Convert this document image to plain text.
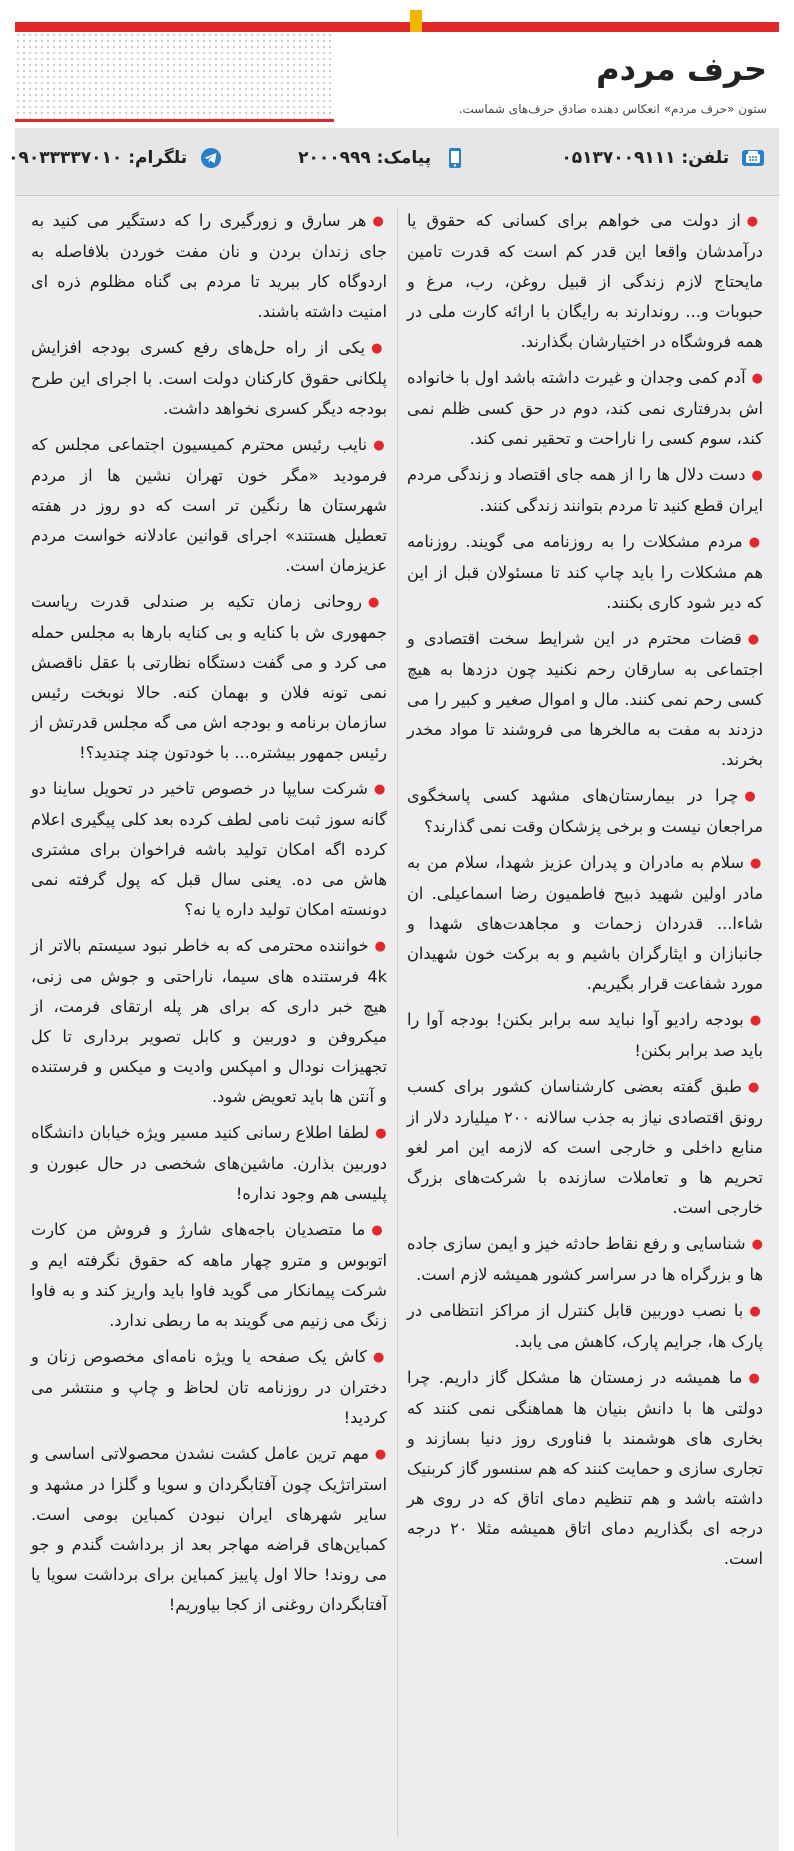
حرف مردم
ستون «حرف مردم» انعکاس دهنده صادق حرف‌های شماست.
تلفن: ۰۵۱۳۷۰۰۹۱۱۱
پیامک: ۲۰۰۰۹۹۹
تلگرام: ۰۹۰۳۳۳۳۷۰۱۰

●از دولت می خواهم برای کسانی که حقوق یا درآمدشان واقعا این قدر کم است که قدرت تامین مایحتاج لازم زندگی از قبیل روغن، رب، مرغ و حبوبات و... روندارند به رایگان با ارائه کارت ملی در همه فروشگاه در اختیارشان بگذارند.

●آدم کمی وجدان و غیرت داشته باشد اول با خانواده اش بدرفتاری نمی کند، دوم در حق کسی ظلم نمی کند، سوم کسی را ناراحت و تحقیر نمی کند.

●دست دلال ها را از همه جای اقتصاد و زندگی مردم ایران قطع کنید تا مردم بتوانند زندگی کنند.

●مردم مشکلات را به روزنامه می گویند. روزنامه هم مشکلات را باید چاپ کند تا مسئولان قبل از این که دیر شود کاری بکنند.

●قضات محترم در این شرایط سخت اقتصادی و اجتماعی به سارقان رحم نکنید چون دزدها به هیچ کسی رحم نمی کنند. مال و اموال صغیر و کبیر را می دزدند به مفت به مالخرها می فروشند تا مواد مخدر بخرند.

●چرا در بیمارستان‌های مشهد کسی پاسخگوی مراجعان نیست و برخی پزشکان وقت نمی گذارند؟

●سلام به مادران و پدران عزیز شهدا، سلام من به مادر اولین شهید ذبیح فاطمیون رضا اسماعیلی. ان شاءا... قدردان زحمات و مجاهدت‌های شهدا و جانبازان و ایثارگران باشیم و به برکت خون شهیدان مورد شفاعت قرار بگیریم.

●بودجه رادیو آوا نباید سه برابر بکنن! بودجه آوا را باید صد برابر بکنن!

●طبق گفته بعضی کارشناسان کشور برای کسب رونق اقتصادی نیاز به جذب سالانه ۲۰۰ میلیارد دلار از منابع داخلی و خارجی است که لازمه این امر لغو تحریم ها و تعاملات سازنده با شرکت‌های بزرگ خارجی است.

●شناسایی و رفع نقاط حادثه خیز و ایمن سازی جاده ها و بزرگراه ها در سراسر کشور همیشه لازم است.

●با نصب دوربین قابل کنترل از مراکز انتظامی در پارک ها، جرایم پارک، کاهش می یابد.

●ما همیشه در زمستان ها مشکل گاز داریم. چرا دولتی ها با دانش بنیان ها هماهنگی نمی کنند که بخاری های هوشمند با فناوری روز دنیا بسازند و تجاری سازی و حمایت کنند که هم سنسور گاز کربنیک داشته باشد و هم تنظیم دمای اتاق که در روی هر درجه ای بگذاریم دمای اتاق همیشه مثلا ۲۰ درجه است.

●هر سارق و زورگیری را که دستگیر می کنید به جای زندان بردن و نان مفت خوردن بلافاصله به اردوگاه کار ببرید تا مردم بی گناه مظلوم ذره ای امنیت داشته باشند.

●یکی از راه حل‌های رفع کسری بودجه افزایش پلکانی حقوق کارکنان دولت است. با اجرای این طرح بودجه دیگر کسری نخواهد داشت.

●نایب رئیس محترم کمیسیون اجتماعی مجلس که فرمودید «مگر خون تهران نشین ها از مردم شهرستان ها رنگین تر است که دو روز در هفته تعطیل هستند» اجرای قوانین عادلانه خواست مردم عزیزمان است.

●روحانی زمان تکیه بر صندلی قدرت ریاست جمهوری ش با کنایه و بی کنایه بارها به مجلس حمله می کرد و می گفت دستگاه نظارتی با عقل ناقصش نمی تونه فلان و بهمان کنه. حالا نوبخت رئیس سازمان برنامه و بودجه اش می گه مجلس قدرتش از رئیس جمهور بیشتره... با خودتون چند چندید؟!

●شرکت سایپا در خصوص تاخیر در تحویل ساینا دو گانه سوز ثبت نامی لطف کرده بعد کلی پیگیری اعلام کرده اگه امکان تولید باشه فراخوان برای مشتری هاش می ده. یعنی سال قبل که پول گرفته نمی دونسته امکان تولید داره یا نه؟

●خواننده محترمی که به خاطر نبود سیستم بالاتر از 4k فرستنده های سیما، ناراحتی و جوش می زنی، هیچ خبر داری که برای هر پله ارتقای فرمت، از میکروفن و دوربین و کابل تصویر برداری تا کل تجهیزات نودال و امپکس وادیت و میکس و فرستنده و آنتن ها باید تعویض شود.

●لطفا اطلاع رسانی کنید مسیر ویژه خیابان دانشگاه دوربین بذارن. ماشین‌های شخصی در حال عبورن و پلیسی هم وجود نداره!

●ما متصدیان باجه‌های شارژ و فروش من کارت اتوبوس و مترو چهار ماهه که حقوق نگرفته ایم و شرکت پیمانکار می گوید فاوا باید واریز کند و به فاوا زنگ می زنیم می گویند به ما ربطی ندارد.

●کاش یک صفحه یا ویژه نامه‌ای مخصوص زنان و دختران در روزنامه تان لحاظ و چاپ و منتشر می کردید!

●مهم ترین عامل کشت نشدن محصولاتی اساسی و استراتژیک چون آفتابگردان و سویا و گلزا در مشهد و سایر شهرهای ایران نبودن کمباین بومی است. کمباین‌های قراضه مهاجر بعد از برداشت گندم و جو می روند! حالا اول پاییز کمباین برای برداشت سویا یا آفتابگردان روغنی از کجا بیاوریم!
